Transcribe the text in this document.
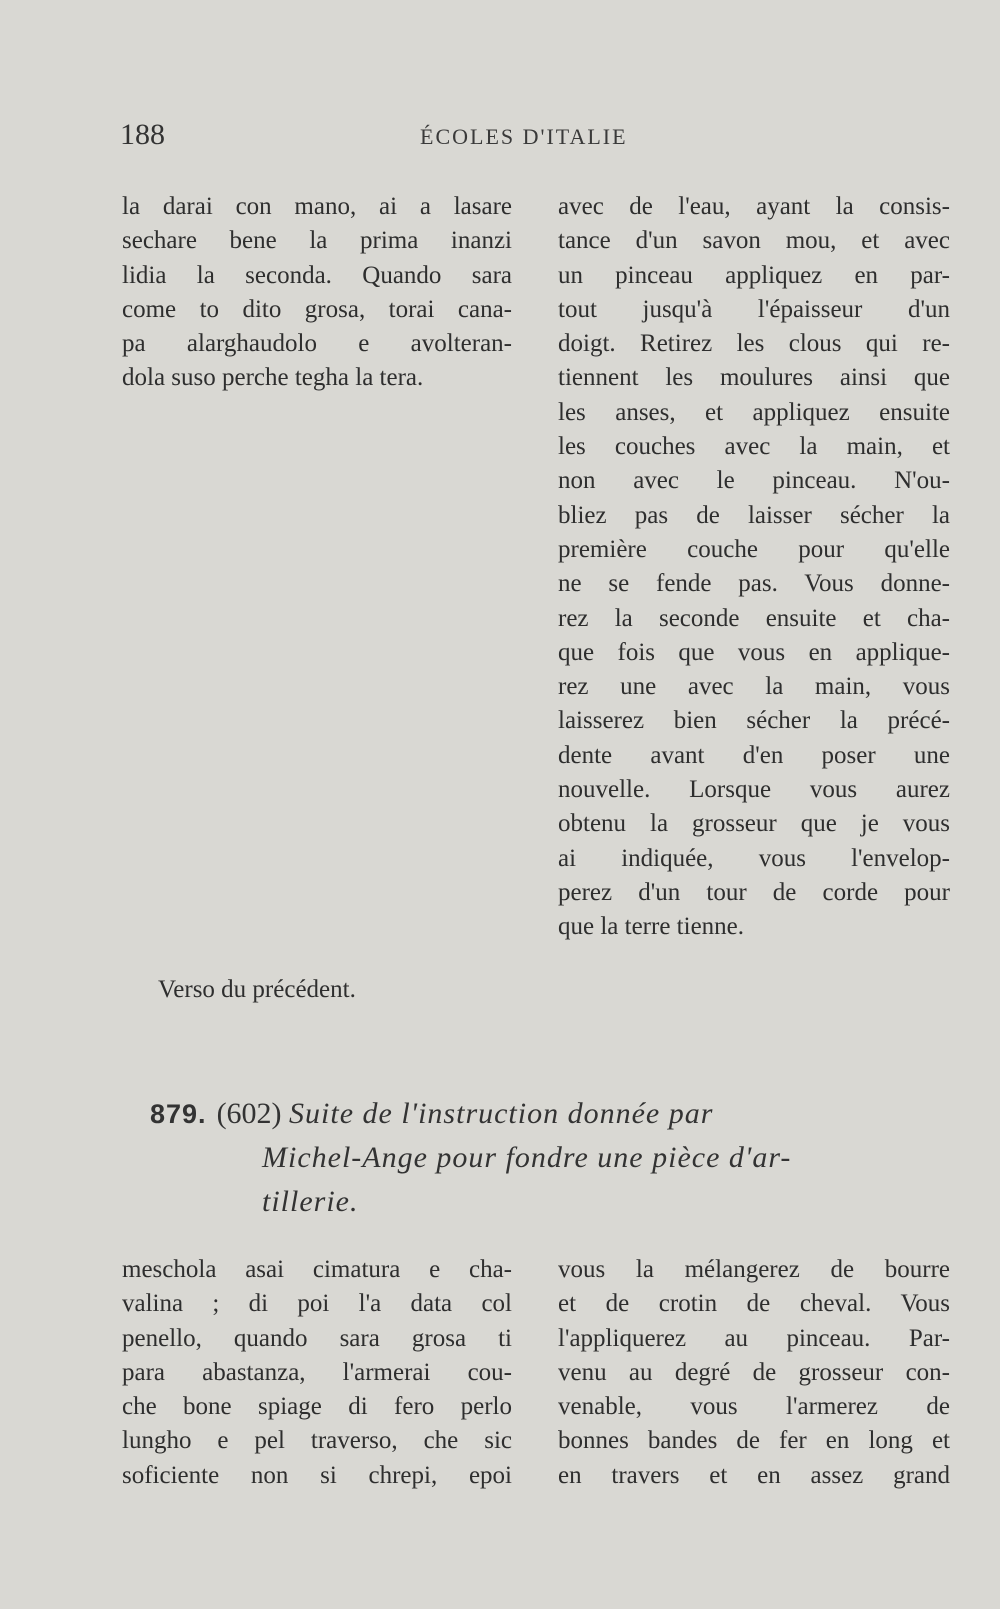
188	ÉCOLES D'ITALIE
la darai con mano, ai a lasare
sechare bene la prima inanzi
lidia la seconda. Quando sara
come to dito grosa, torai cana-
pa alarghaudolo e avolteran-
dola suso perche tegha la tera.
avec de l'eau, ayant la consis-
tance d'un savon mou, et avec
un pinceau appliquez en par-
tout jusqu'à l'épaisseur d'un
doigt. Retirez les clous qui re-
tiennent les moulures ainsi que
les anses, et appliquez ensuite
les couches avec la main, et
non avec le pinceau. N'ou-
bliez pas de laisser sécher la
première couche pour qu'elle
ne se fende pas. Vous donne-
rez la seconde ensuite et cha-
que fois que vous en applique-
rez une avec la main, vous
laisserez bien sécher la précé-
dente avant d'en poser une
nouvelle. Lorsque vous aurez
obtenu la grosseur que je vous
ai indiquée, vous l'envelop-
perez d'un tour de corde pour
que la terre tienne.
Verso du précédent.
879. (602) Suite de l'instruction donnée par
Michel-Ange pour fondre une pièce d'ar-
tillerie.
meschola asai cimatura e cha-
valina ; di poi l'a data col
penello, quando sara grosa ti
para abastanza, l'armerai cou-
che bone spiage di fero perlo
lungho e pel traverso, che sic
soficiente non si chrepi, epoi
vous la mélangerez de bourre
et de crotin de cheval. Vous
l'appliquerez au pinceau. Par-
venu au degré de grosseur con-
venable, vous l'armerez de
bonnes bandes de fer en long et
en travers et en assez grand
